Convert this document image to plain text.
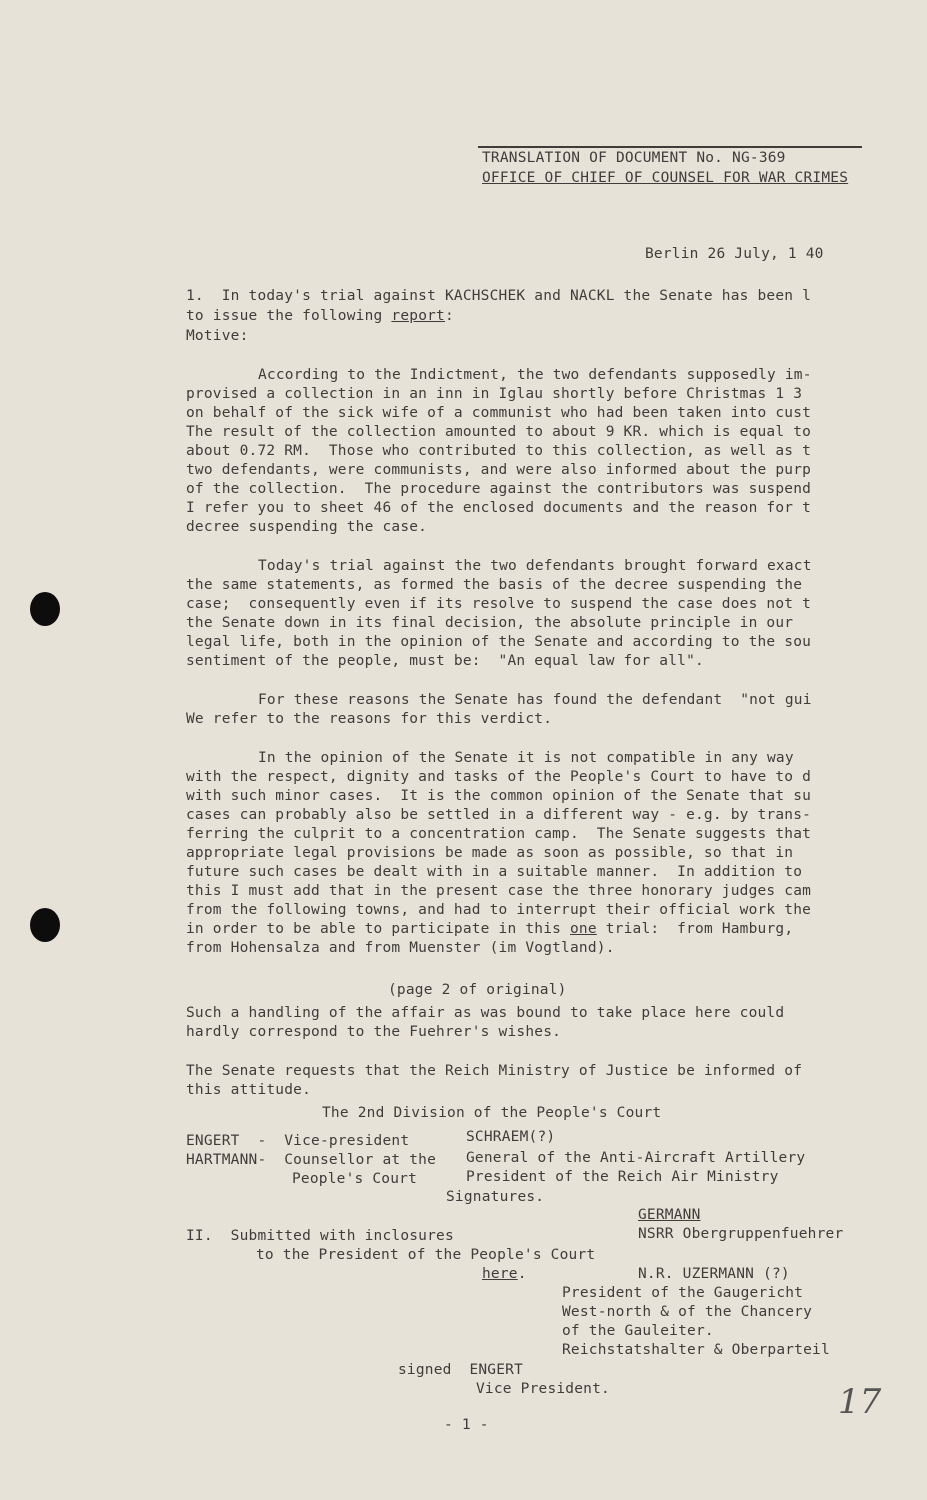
TRANSLATION OF DOCUMENT No. NG-369
OFFICE OF CHIEF OF COUNSEL FOR WAR CRIMES
Berlin 26 July, 1 40
1.  In today's trial against KACHSCHEK and NACKL the Senate has been l
to issue the following report:
Motive:
According to the Indictment, the two defendants supposedly im-
provised a collection in an inn in Iglau shortly before Christmas 1 3
on behalf of the sick wife of a communist who had been taken into cust
The result of the collection amounted to about 9 KR. which is equal to
about 0.72 RM.  Those who contributed to this collection, as well as t
two defendants, were communists, and were also informed about the purp
of the collection.  The procedure against the contributors was suspend
I refer you to sheet 46 of the enclosed documents and the reason for t
decree suspending the case.
Today's trial against the two defendants brought forward exact
the same statements, as formed the basis of the decree suspending the
case;  consequently even if its resolve to suspend the case does not t
the Senate down in its final decision, the absolute principle in our
legal life, both in the opinion of the Senate and according to the sou
sentiment of the people, must be:  "An equal law for all".
For these reasons the Senate has found the defendant  "not gui
We refer to the reasons for this verdict.
In the opinion of the Senate it is not compatible in any way
with the respect, dignity and tasks of the People's Court to have to d
with such minor cases.  It is the common opinion of the Senate that su
cases can probably also be settled in a different way - e.g. by trans-
ferring the culprit to a concentration camp.  The Senate suggests that
appropriate legal provisions be made as soon as possible, so that in
future such cases be dealt with in a suitable manner.  In addition to
this I must add that in the present case the three honorary judges cam
from the following towns, and had to interrupt their official work the
in order to be able to participate in this one trial:  from Hamburg,
from Hohensalza and from Muenster (im Vogtland).
(page 2 of original)
Such a handling of the affair as was bound to take place here could
hardly correspond to the Fuehrer's wishes.
The Senate requests that the Reich Ministry of Justice be informed of
this attitude.
The 2nd Division of the People's Court
ENGERT  -  Vice-president	SCHRAEM(?)
HARTMANN-  Counsellor at the General of the Anti-Aircraft Artillery
People's Court	President of the Reich Air Ministry
Signatures.
GERMANN
II.  Submitted with inclosures	NSRR Obergruppenfuehrer
to the President of the People's Court
here.	N.R. UZERMANN (?)
President of the Gaugericht
West-north & of the Chancery
of the Gauleiter.
Reichstatshalter & Oberparteil
signed  ENGERT
Vice President.
- 1 -
17
